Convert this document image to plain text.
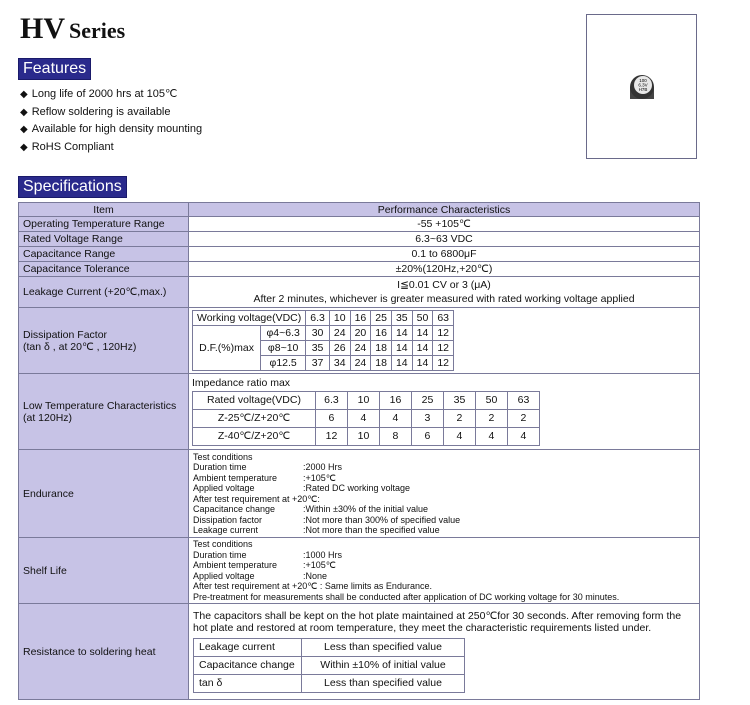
HV Series
Features
◆ Long life of 2000 hrs at 105℃
◆ Reflow soldering is available
◆ Available for high density mounting
◆ RoHS Compliant
100
6.3V
H7B
Specifications
Item	Performance Characteristics
Operating Temperature Range	-55 +105℃
Rated Voltage Range	6.3~63 VDC
Capacitance Range	0.1 to 6800μF
Capacitance Tolerance	±20%(120Hz,+20℃)
Leakage Current (+20℃,max.)	
I≦0.01 CV or 3 (μA)
After 2 minutes, whichever is greater measured with rated working voltage applied

Dissipation Factor
(tan δ , at 20℃ , 120Hz)

Working voltage(VDC)	6.3	10	16	25	35	50	63
D.F.(%)max	φ4~6.3	30	24	20	16	14	14	12
φ8~10	35	26	24	18	14	14	12
φ12.5	37	34	24	18	14	14	12

Low Temperature Characteristics
(at 120Hz)

Impedance ratio max
Rated voltage(VDC)	6.3	10	16	25	35	50	63
Z-25℃/Z+20℃	6	4	4	3	2	2	2
Z-40℃/Z+20℃	12	10	8	6	4	4	4

Endurance	
Test conditions
Duration time	:2000 Hrs
Ambient temperature	:+105℃
Applied voltage	:Rated DC working voltage
After test requirement at +20℃:
Capacitance change	:Within ±30% of the initial value
Dissipation factor	:Not more than 300% of specified value
Leakage current	:Not more than the specified value

Shelf Life	
Test conditions
Duration time	:1000 Hrs
Ambient temperature	:+105℃
Applied voltage	:None
After test requirement at +20℃ : Same limits as Endurance.
Pre-treatment for measurements shall be conducted after application of DC working voltage for 30 minutes.

Resistance to soldering heat	
The capacitors shall be kept on the hot plate maintained at 250℃for 30 seconds. After removing form the hot plate and restored at room temperature, they meet the characteristic requirements listed under.
Leakage current	Less than specified value
Capacitance change	Within ±10% of initial value
tan δ	Less than specified value
